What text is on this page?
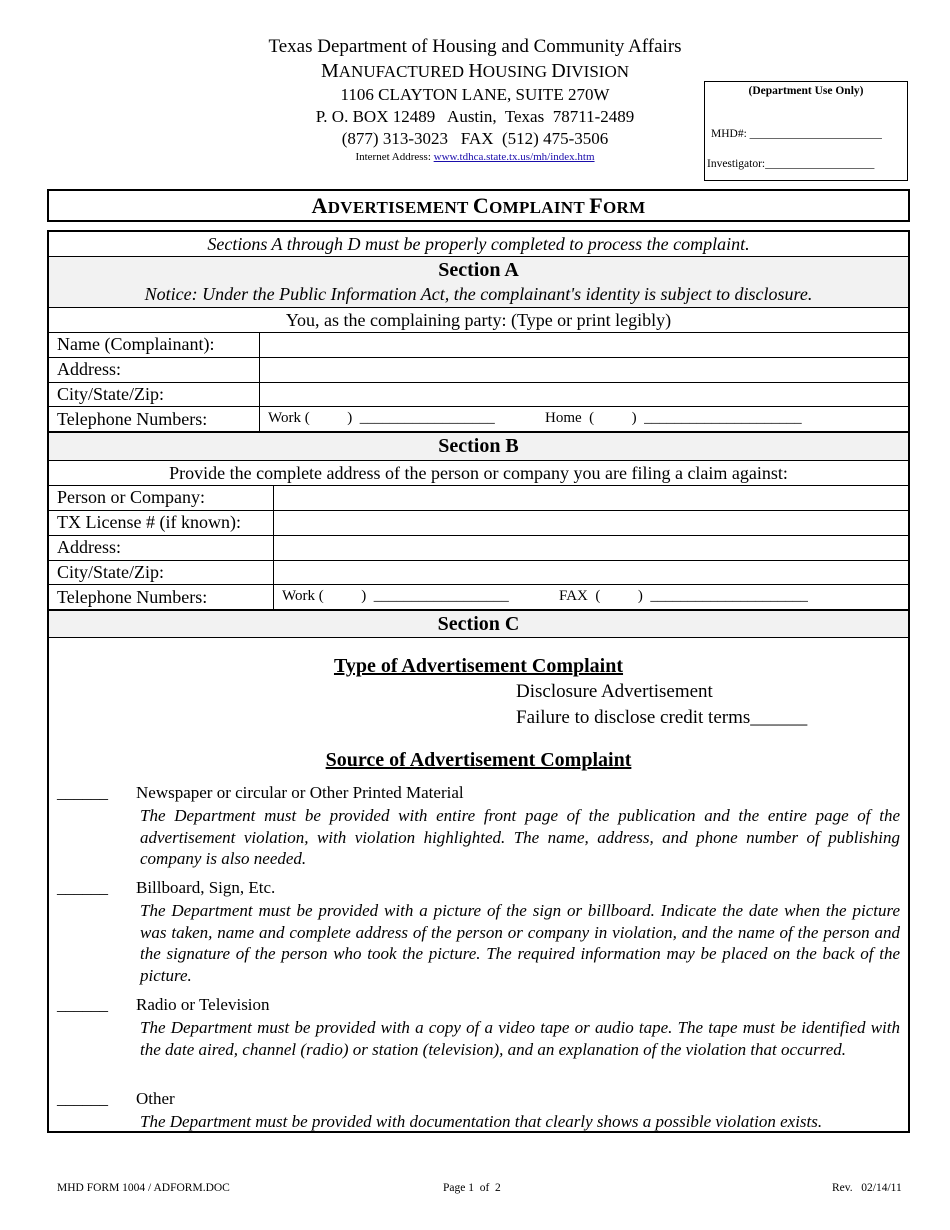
Texas Department of Housing and Community Affairs
MANUFACTURED HOUSING DIVISION
1106 CLAYTON LANE, SUITE 270W
P. O. BOX 12489   Austin,  Texas  78711-2489
(877) 313-3023   FAX  (512) 475-3506
Internet Address: www.tdhca.state.tx.us/mh/index.htm
(Department Use Only)
MHD#: _______________________
Investigator:___________________
ADVERTISEMENT COMPLAINT FORM
Sections A through D must be properly completed to process the complaint.
Section A
Notice: Under the Public Information Act, the complainant's identity is subject to disclosure.
You, as the complaining party: (Type or print legibly)
Name (Complainant):
Address:
City/State/Zip:
Telephone Numbers:	Work (          )  __________________	Home  (          )  _____________________
Section B
Provide the complete address of the person or company you are filing a claim against:
Person or Company:
TX License # (if known):
Address:
City/State/Zip:
Telephone Numbers:	Work (          )  __________________	FAX  (          )  _____________________
Section C
Type of Advertisement Complaint
Disclosure Advertisement
Failure to disclose credit terms______
Source of Advertisement Complaint
______ Newspaper or circular or Other Printed Material
The Department must be provided with entire front page of the publication and the entire page of the advertisement violation, with violation highlighted. The name, address, and phone number of publishing company is also needed.
______ Billboard, Sign, Etc.
The Department must be provided with a picture of the sign or billboard. Indicate the date when the picture was taken, name and complete address of the person or company in violation, and the name of the person and the signature of the person who took the picture. The required information may be placed on the back of the picture.
______ Radio or Television
The Department must be provided with a copy of a video tape or audio tape. The tape must be identified with the date aired, channel (radio) or station (television), and an explanation of the violation that occurred.
______ Other
The Department must be provided with documentation that clearly shows a possible violation exists.
MHD FORM 1004 / ADFORM.DOC	Page 1  of  2	Rev.   02/14/11
